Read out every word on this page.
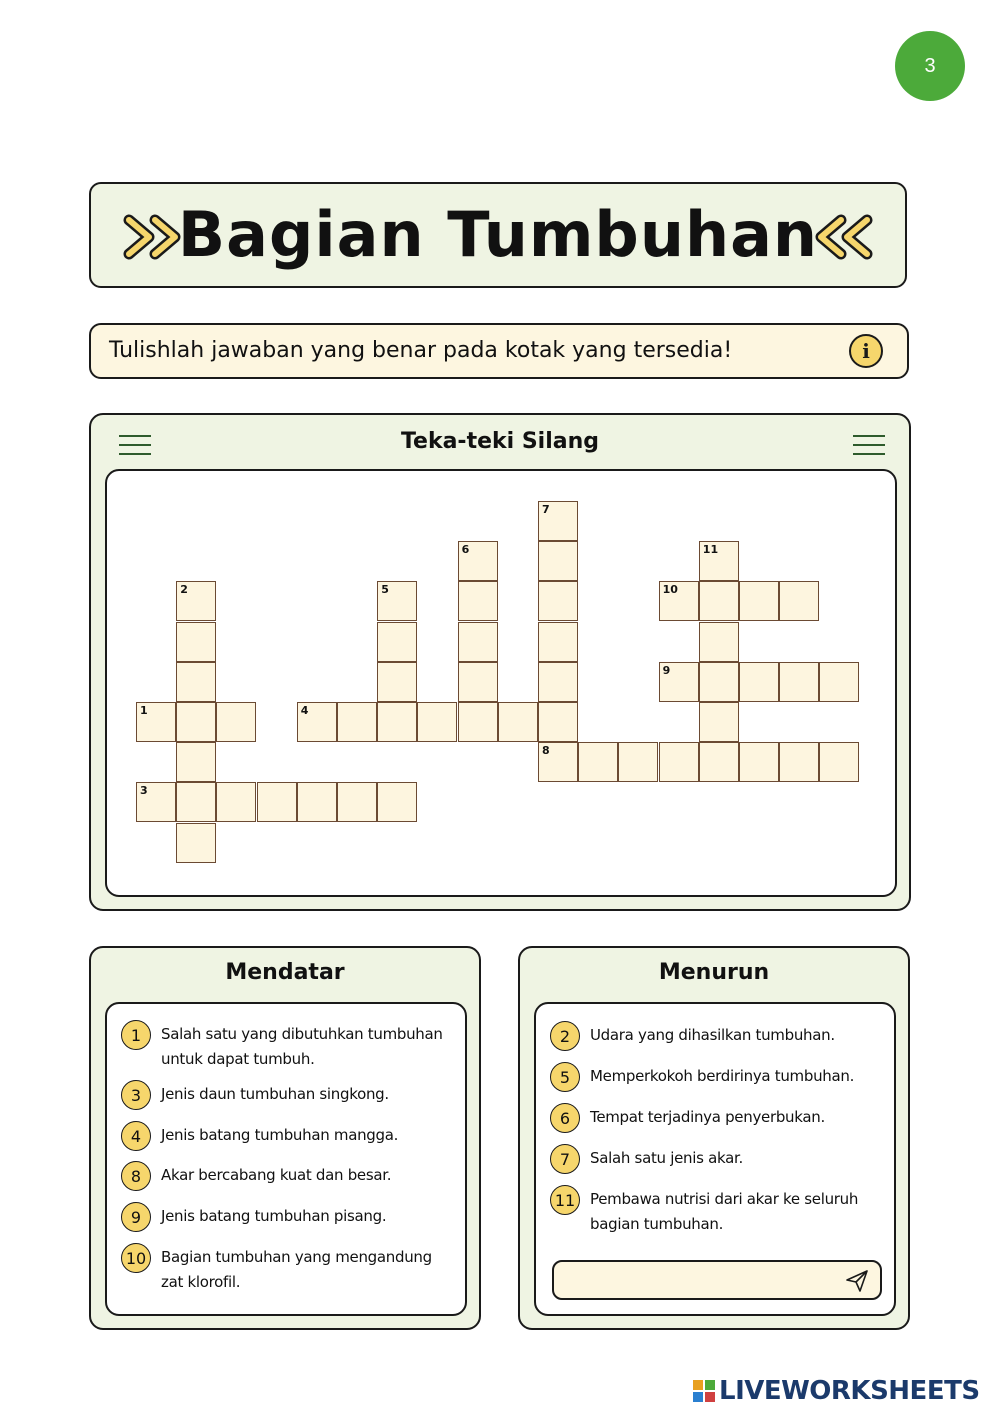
3
Bagian Tumbuhan
Tulishlah jawaban yang benar pada kotak yang tersedia!	i
Teka-teki Silang
1
2
3
4
5
6
7
8
9
10
11
Mendatar
1	Salah satu yang dibutuhkan tumbuhan untuk dapat tumbuh.
3	Jenis daun tumbuhan singkong.
4	Jenis batang tumbuhan mangga.
8	Akar bercabang kuat dan besar.
9	Jenis batang tumbuhan pisang.
10 Bagian tumbuhan yang mengandung zat klorofil.
Menurun
2	Udara yang dihasilkan tumbuhan.
5	Memperkokoh berdirinya tumbuhan.
6	Tempat terjadinya penyerbukan.
7	Salah satu jenis akar.
11 Pembawa nutrisi dari akar ke seluruh bagian tumbuhan.
LIVEWORKSHEETS
